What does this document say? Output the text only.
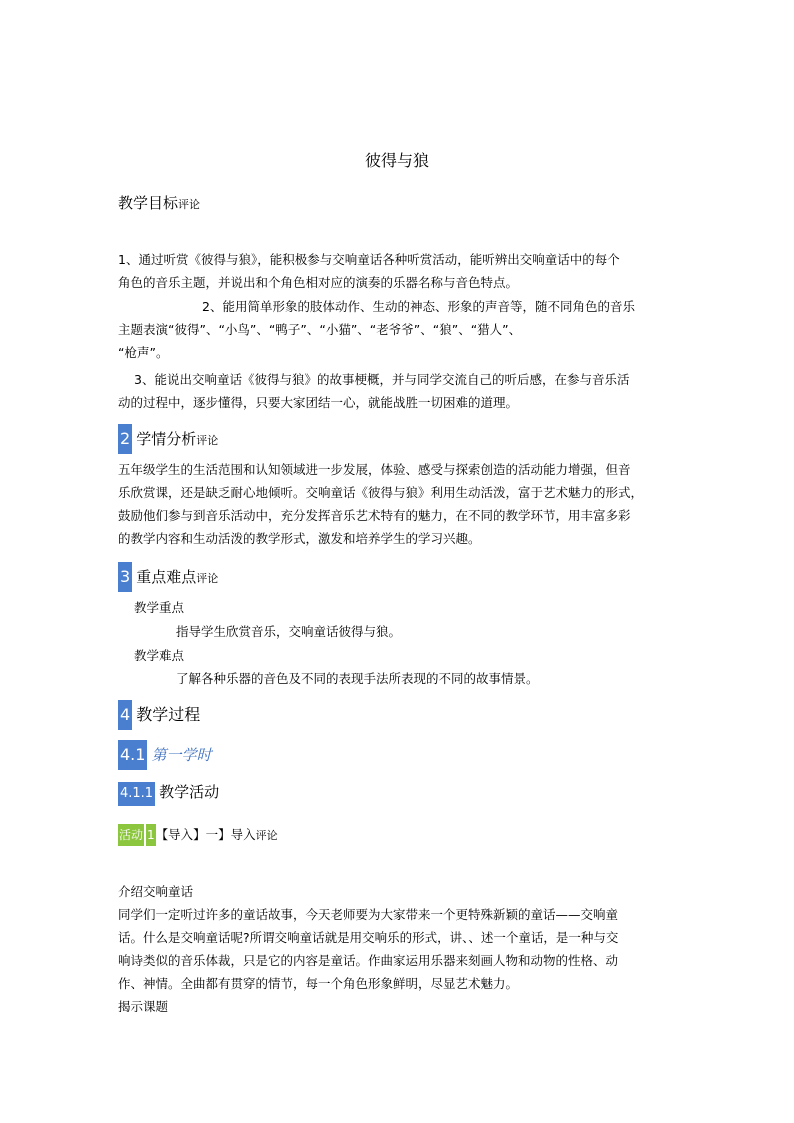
彼得与狼
教学目标评论
1、通过听赏《彼得与狼》，能积极参与交响童话各种听赏活动，能听辨出交响童话中的每个
角色的音乐主题，并说出和个角色相对应的演奏的乐器名称与音色特点。
2、能用简单形象的肢体动作、生动的神态、形象的声音等，随不同角色的音乐
主题表演“彼得”、“小鸟”、“鸭子”、“小猫”、“老爷爷”、“狼”、“猎人”、
“枪声”。
3、能说出交响童话《彼得与狼》的故事梗概，并与同学交流自己的听后感，在参与音乐活
动的过程中，逐步懂得，只要大家团结一心，就能战胜一切困难的道理。
2 学情分析评论
五年级学生的生活范围和认知领域进一步发展，体验、感受与探索创造的活动能力增强，但音
乐欣赏课，还是缺乏耐心地倾听。交响童话《彼得与狼》利用生动活泼，富于艺术魅力的形式，
鼓励他们参与到音乐活动中，充分发挥音乐艺术特有的魅力，在不同的教学环节，用丰富多彩
的教学内容和生动活泼的教学形式，激发和培养学生的学习兴趣。
3 重点难点评论
教学重点
指导学生欣赏音乐，交响童话彼得与狼。
教学难点
了解各种乐器的音色及不同的表现手法所表现的不同的故事情景。
4 教学过程
4.1 第一学时
4.1.1 教学活动
活动 1【导入】一】导入评论
介绍交响童话
同学们一定听过许多的童话故事，今天老师要为大家带来一个更特殊新颖的童话——交响童
话。什么是交响童话呢?所谓交响童话就是用交响乐的形式，讲、、述一个童话，是一种与交
响诗类似的音乐体裁，只是它的内容是童话。作曲家运用乐器来刻画人物和动物的性格、动
作、神情。全曲都有贯穿的情节，每一个角色形象鲜明，尽显艺术魅力。
揭示课题
